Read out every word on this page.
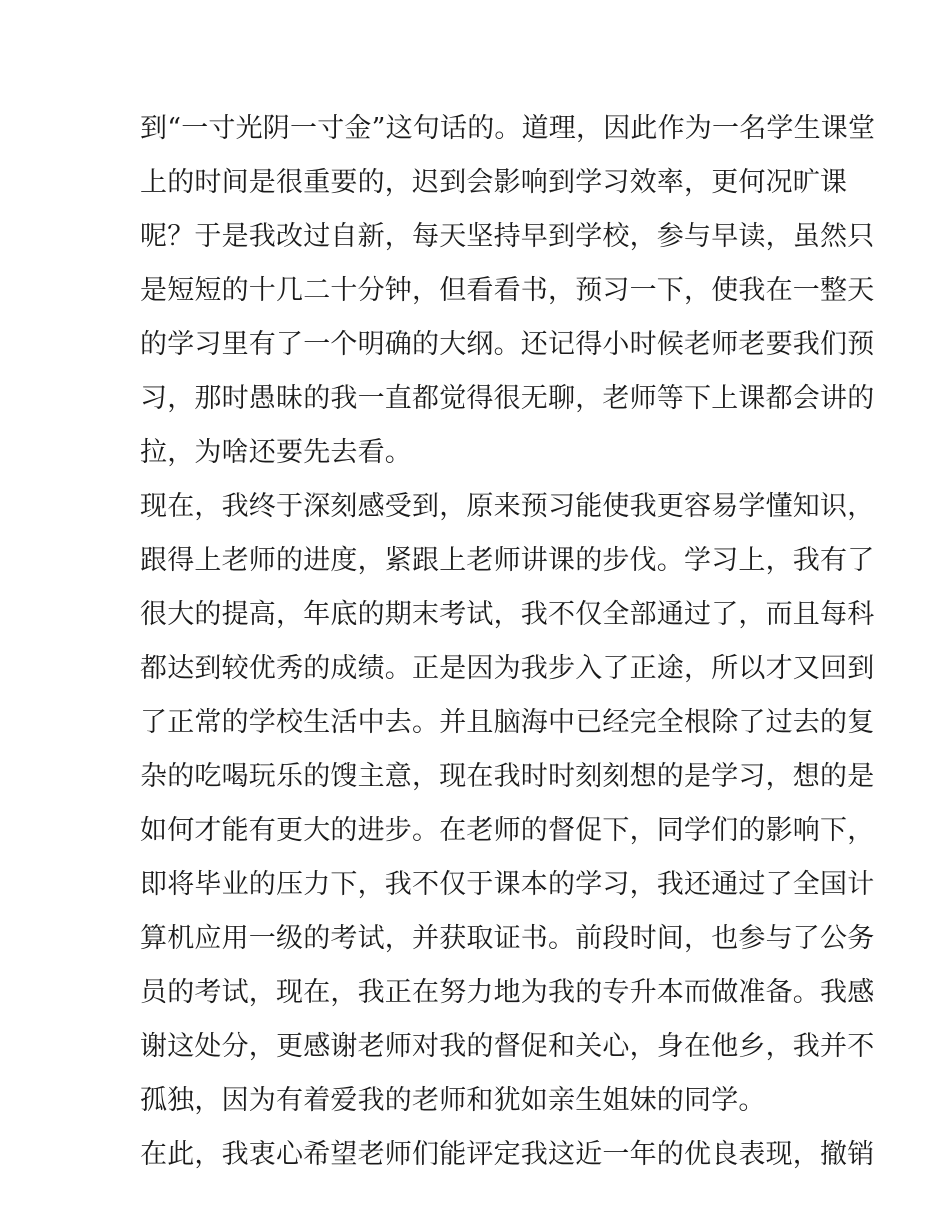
到“一寸光阴一寸金”这句话的。道理，因此作为一名学生课堂
上的时间是很重要的，迟到会影响到学习效率，更何况旷课
呢？于是我改过自新，每天坚持早到学校，参与早读，虽然只
是短短的十几二十分钟，但看看书，预习一下，使我在一整天
的学习里有了一个明确的大纲。还记得小时候老师老要我们预
习，那时愚昧的我一直都觉得很无聊，老师等下上课都会讲的
拉，为啥还要先去看。
现在，我终于深刻感受到，原来预习能使我更容易学懂知识，
跟得上老师的进度，紧跟上老师讲课的步伐。学习上，我有了
很大的提高，年底的期末考试，我不仅全部通过了，而且每科
都达到较优秀的成绩。正是因为我步入了正途，所以才又回到
了正常的学校生活中去。并且脑海中已经完全根除了过去的复
杂的吃喝玩乐的馊主意，现在我时时刻刻想的是学习，想的是
如何才能有更大的进步。在老师的督促下，同学们的影响下，
即将毕业的压力下，我不仅于课本的学习，我还通过了全国计
算机应用一级的考试，并获取证书。前段时间，也参与了公务
员的考试，现在，我正在努力地为我的专升本而做准备。我感
谢这处分，更感谢老师对我的督促和关心，身在他乡，我并不
孤独，因为有着爱我的老师和犹如亲生姐妹的同学。
在此，我衷心希望老师们能评定我这近一年的优良表现，撤销
